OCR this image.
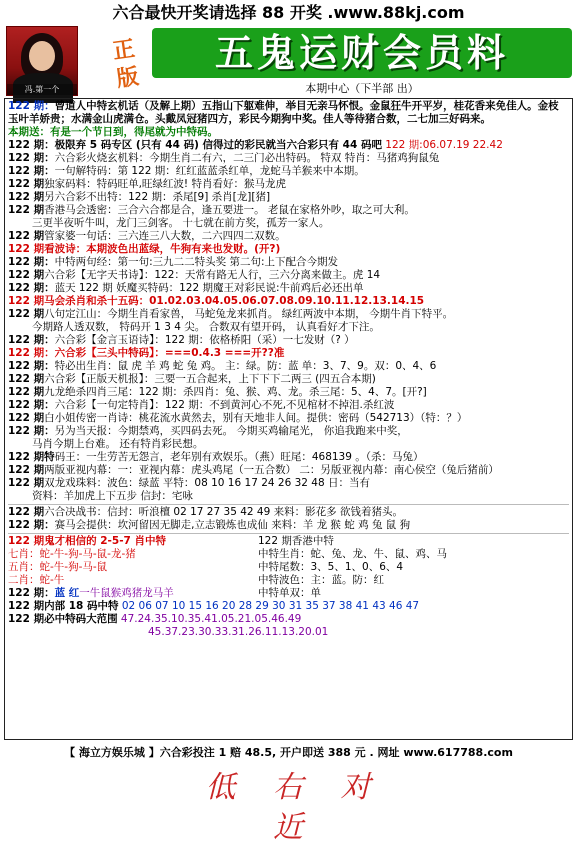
六合最快开奖请选择 88 开奖 .www.88kj.com
冯.第一个
正版
五鬼运财会员料
本期中心（下半部 出）
122 期：曾道人中特玄机话（及解上期）五指山下躯难伸，举目无亲马怀恨。金鼠狂牛开平岁，桂花香来免佳人。金枝玉叶羊娇贵；水满金山虎满仓。头戴凤冠猪四方，彩民今期狗中奖。佳人等待猪合数，二七加三好码来。
本期送：有是一个节日到，得尾就为中特码。
122 期：极限弃 5 码专区 (只有 44 码) 信得过的彩民就当六合彩只有 44 码吧 122 期:06.07.19 22.42
122 期：六合彩火烧玄机料：今期生肖二有六，二三门必出特码。 特双 特肖：马猪鸡狗鼠兔
122 期：一句解特码：第 122 期：红红蓝蓝杀红单，龙蛇马羊猴来中本期。
122 期独家码料：特码旺单,旺绿红波! 特肖看好：猴马龙虎
122 期另六合彩不出特：122 期：杀尾[9] 杀肖[龙][猪]
122 期香港马会透密：三合六合都是合，逢五要进一。 老鼠在家格外吵，取之可大利。
三更半夜听牛叫，龙门三剑客。 十七就在前方奖，孤芳一家人。
122 期管家婆一句话：三六连三八大数，二六四四二双数。
122 期看波诗：本期波色出蓝绿，牛狗有来也发财。(开?)
122 期：中特两句经：第一句:三九二二特头奖 第二句:上下配合今期发
122 期六合彩【无字天书诗】：122：天常有路无人行，三六分离来做主。虎 14
122 期：蓝天 122 期 妖魔买特码：122 期魔王对彩民说:牛前鸡后必还出单
122 期马会杀肖和杀十五码：01.02.03.04.05.06.07.08.09.10.11.12.13.14.15
122 期八句定江山：今期生肖看家兽， 马蛇兔龙来抓肖。 绿红两波中本期， 今期牛肖下特平。
今期路人透双数， 特码开 1 3 4 尖。 合数双有望开码， 认真看好才下注。
122 期：六合彩【金言玉语诗】：122 期：依格桥阳（采）一七发财（? ）
122 期：六合彩【三头中特码】：===0.4.3 ===开??准
122 期：特必出生肖：鼠 虎 羊 鸡 蛇 兔 鸡。 主：绿。防：蓝 单：3、7、9。双：0、4、6
122 期六合彩【正版天机报】：三要一五合起来，上下下下二两三 (四五合本期)
122 期九龙绝杀四肖三尾：122 期：杀四肖：兔、猴、鸡、龙。杀三尾：5、4、7。[开?]
122 期：六合彩【一句定特肖】：122 期：不到黄河心不死,不见棺材不掉泪.杀红波
122 期白小姐传密一肖诗：桃花流水黄然去，别有天地非人间。提供：密码（542713）（特：？）
122 期：另为当天报：今期禁鸡，买四码去死。 今期买鸡输尾光， 你追我跑来中奖，
马肖今期上台难。 还有特肖彩民想。
122 期特码王：一生劳苦无怨言，老年别有欢娱乐。（燕）旺尾：468139 。（杀：马兔）
122 期两版亚视内幕：一：亚视内幕：虎头鸡尾（一五合数） 二：另版亚视内幕：南心侯空（兔后猪前）
122 期双龙戏珠料：波色：绿蓝 平特：08 10 16 17 24 26 32 48 日：当有
资料：羊加虎上下五步 信封：宅咏
122 期六合决战书：信封：听浪檀 02 17 27 35 42 49 来料：影花多 欲钱着猪头。
122 期：赛马会提供：坎河留因无脚走,立志锻炼也成仙 来料：羊 龙 猴 蛇 鸡 兔 鼠 狗
122 期鬼才相信的 2-5-7 肖中特
七肖：蛇-牛-狗-马-鼠-龙-猪
五肖：蛇-牛-狗-马-鼠
二肖：蛇-牛
122 期：蓝 红一牛鼠猴鸡猪龙马羊
122 期香港中特
中特生肖：蛇、兔、龙、牛、鼠、鸡、马
中特尾数：3、5、1、0、6、4
中特波色：主：蓝。防：红
中特单双：单
122 期内部 18 码中特 02 06 07 10 15 16 20 28 29 30 31 35 37 38 41 43 46 47
122 期必中特码大范围 47.24.35.10.35.41.05.21.05.46.49
45.37.23.30.33.31.26.11.13.20.01
【 海立方娱乐城 】六合彩投注 1 赔 48.5, 开户即送 388 元 . 网址 www.617788.com
低 右 对 近
